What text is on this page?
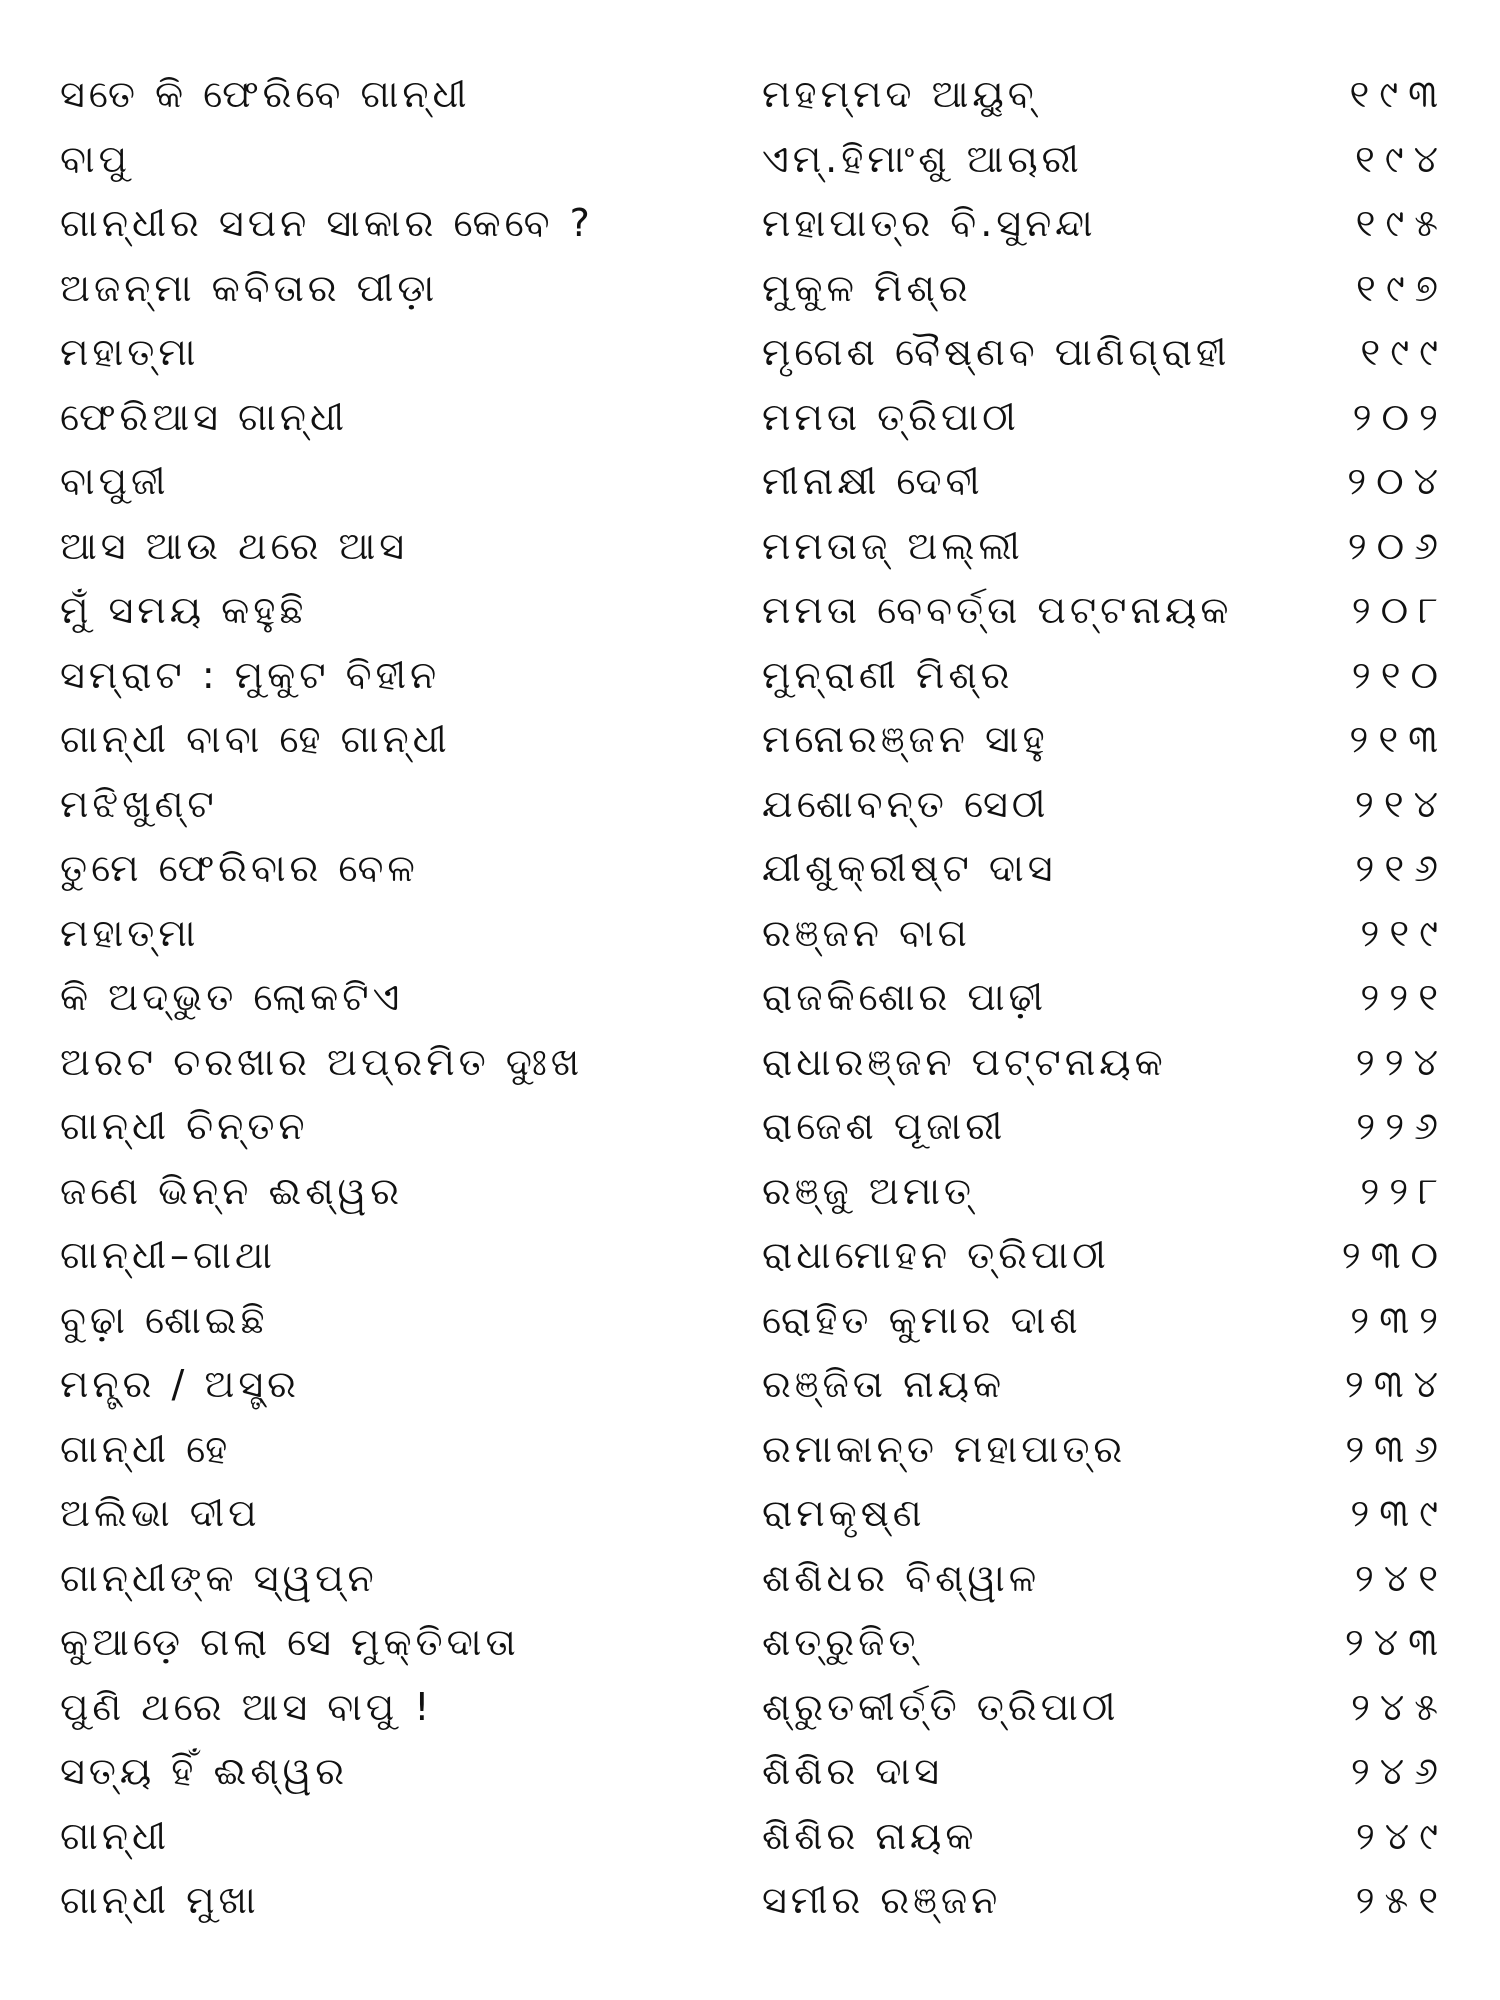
ସତେ କି ଫେରିବେ ଗାନ୍ଧୀ	ମହମ୍ମଦ ଆୟୁବ୍	୧୯୩
ବାପୁ	ଏମ୍.ହିମାଂଶୁ ଆଚାରୀ	୧୯୪
ଗାନ୍ଧୀର ସପନ ସାକାର କେବେ ?	ମହାପାତ୍ର ବି.ସୁନନ୍ଦା	୧୯୫
ଅଜନ୍ମା କବିତାର ପୀଡ଼ା	ମୁକୁଳ ମିଶ୍ର	୧୯୭
ମହାତ୍ମା	ମୃଗେଶ ବୈଷ୍ଣବ ପାଣିଗ୍ରାହୀ	୧୯୯
ଫେରିଆସ ଗାନ୍ଧୀ	ମମତା ତ୍ରିପାଠୀ	୨୦୨
ବାପୁଜୀ	ମୀନାକ୍ଷୀ ଦେବୀ	୨୦୪
ଆସ ଆଉ ଥରେ ଆସ	ମମତାଜ୍ ଅଲ୍ଲୀ	୨୦୬
ମୁଁ ସମୟ କହୁଛି	ମମତା ବେବର୍ତ୍ତା ପଟ୍ଟନାୟକ	୨୦୮
ସମ୍ରାଟ : ମୁକୁଟ ବିହୀନ	ମୁନ୍‌ରାଣୀ ମିଶ୍ର	୨୧୦
ଗାନ୍ଧୀ ବାବା ହେ ଗାନ୍ଧୀ	ମନୋରଞ୍ଜନ ସାହୁ	୨୧୩
ମଝିଖୁଣ୍ଟ	ଯଶୋବନ୍ତ ସେଠୀ	୨୧୪
ତୁମେ ଫେରିବାର ବେଳ	ଯୀଶୁକ୍ରୀଷ୍ଟ ଦାସ	୨୧୬
ମହାତ୍ମା	ରଞ୍ଜନ ବାଗ	୨୧୯
କି ଅଦ୍‌ଭୁତ ଲୋକଟିଏ	ରାଜକିଶୋର ପାଢ଼ୀ	୨୨୧
ଅରଟ ଚରଖାର ଅପ୍ରମିତ ଦୁଃଖ	ରାଧାରଞ୍ଜନ ପଟ୍ଟନାୟକ	୨୨୪
ଗାନ୍ଧୀ ଚିନ୍ତନ	ରାଜେଶ ପୂଜାରୀ	୨୨୬
ଜଣେ ଭିନ୍ନ ଈଶ୍ୱର	ରଞ୍ଜୁ ଅମାତ୍	୨୨୮
ଗାନ୍ଧୀ–ଗାଥା	ରାଧାମୋହନ ତ୍ରିପାଠୀ	୨୩୦
ବୁଢ଼ା ଶୋଇଛି	ରୋହିତ କୁମାର ଦାଶ	୨୩୨
ମନ୍ତ୍ର / ଅସ୍ତ୍ର	ରଞ୍ଜିତା ନାୟକ	୨୩୪
ଗାନ୍ଧୀ ହେ	ରମାକାନ୍ତ ମହାପାତ୍ର	୨୩୬
ଅଲିଭା ଦୀପ	ରାମକୃଷ୍ଣ	୨୩୯
ଗାନ୍ଧୀଙ୍କ ସ୍ୱପ୍ନ	ଶଶିଧର ବିଶ୍ୱାଳ	୨୪୧
କୁଆଡ଼େ ଗଲା ସେ ମୁକ୍ତିଦାତା	ଶତ୍ରୁଜିତ୍	୨୪୩
ପୁଣି ଥରେ ଆସ ବାପୁ !	ଶ୍ରୁତକୀର୍ତ୍ତି ତ୍ରିପାଠୀ	୨୪୫
ସତ୍ୟ ହିଁ ଈଶ୍ୱର	ଶିଶିର ଦାସ	୨୪୬
ଗାନ୍ଧୀ	ଶିଶିର ନାୟକ	୨୪୯
ଗାନ୍ଧୀ ମୁଖା	ସମୀର ରଞ୍ଜନ	୨୫୧
